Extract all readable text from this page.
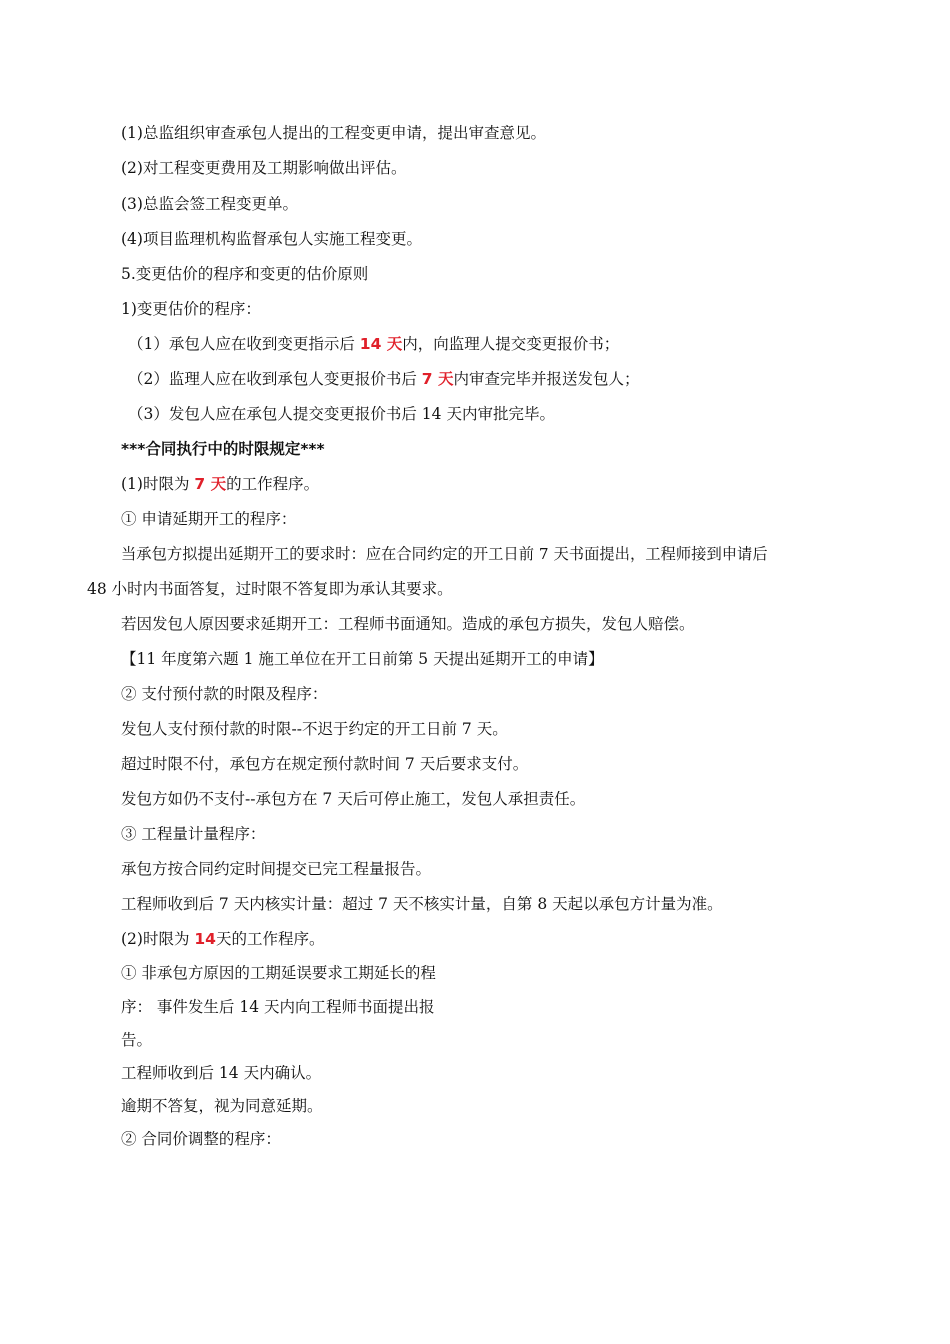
(1)总监组织审查承包人提出的工程变更申请，提出审查意见。
(2)对工程变更费用及工期影响做出评估。
(3)总监会签工程变更单。
(4)项目监理机构监督承包人实施工程变更。
5.变更估价的程序和变更的估价原则
1)变更估价的程序：
（1）承包人应在收到变更指示后 14 天内，向监理人提交变更报价书；
（2）监理人应在收到承包人变更报价书后 7 天内审查完毕并报送发包人；
（3）发包人应在承包人提交变更报价书后 14 天内审批完毕。
***合同执行中的时限规定***
(1)时限为 7 天的工作程序。
① 申请延期开工的程序：
当承包方拟提出延期开工的要求时：应在合同约定的开工日前 7 天书面提出，工程师接到申请后
48 小时内书面答复，过时限不答复即为承认其要求。
若因发包人原因要求延期开工：工程师书面通知。造成的承包方损失，发包人赔偿。
【11 年度第六题 1 施工单位在开工日前第 5 天提出延期开工的申请】
② 支付预付款的时限及程序：
发包人支付预付款的时限--不迟于约定的开工日前 7 天。
超过时限不付，承包方在规定预付款时间 7 天后要求支付。
发包方如仍不支付--承包方在 7 天后可停止施工，发包人承担责任。
③ 工程量计量程序：
承包方按合同约定时间提交已完工程量报告。
工程师收到后 7 天内核实计量：超过 7 天不核实计量，自第 8 天起以承包方计量为准。
(2)时限为 14天的工作程序。
① 非承包方原因的工期延误要求工期延长的程
序： 事件发生后 14 天内向工程师书面提出报
告。
工程师收到后 14 天内确认。
逾期不答复，视为同意延期。
② 合同价调整的程序：
